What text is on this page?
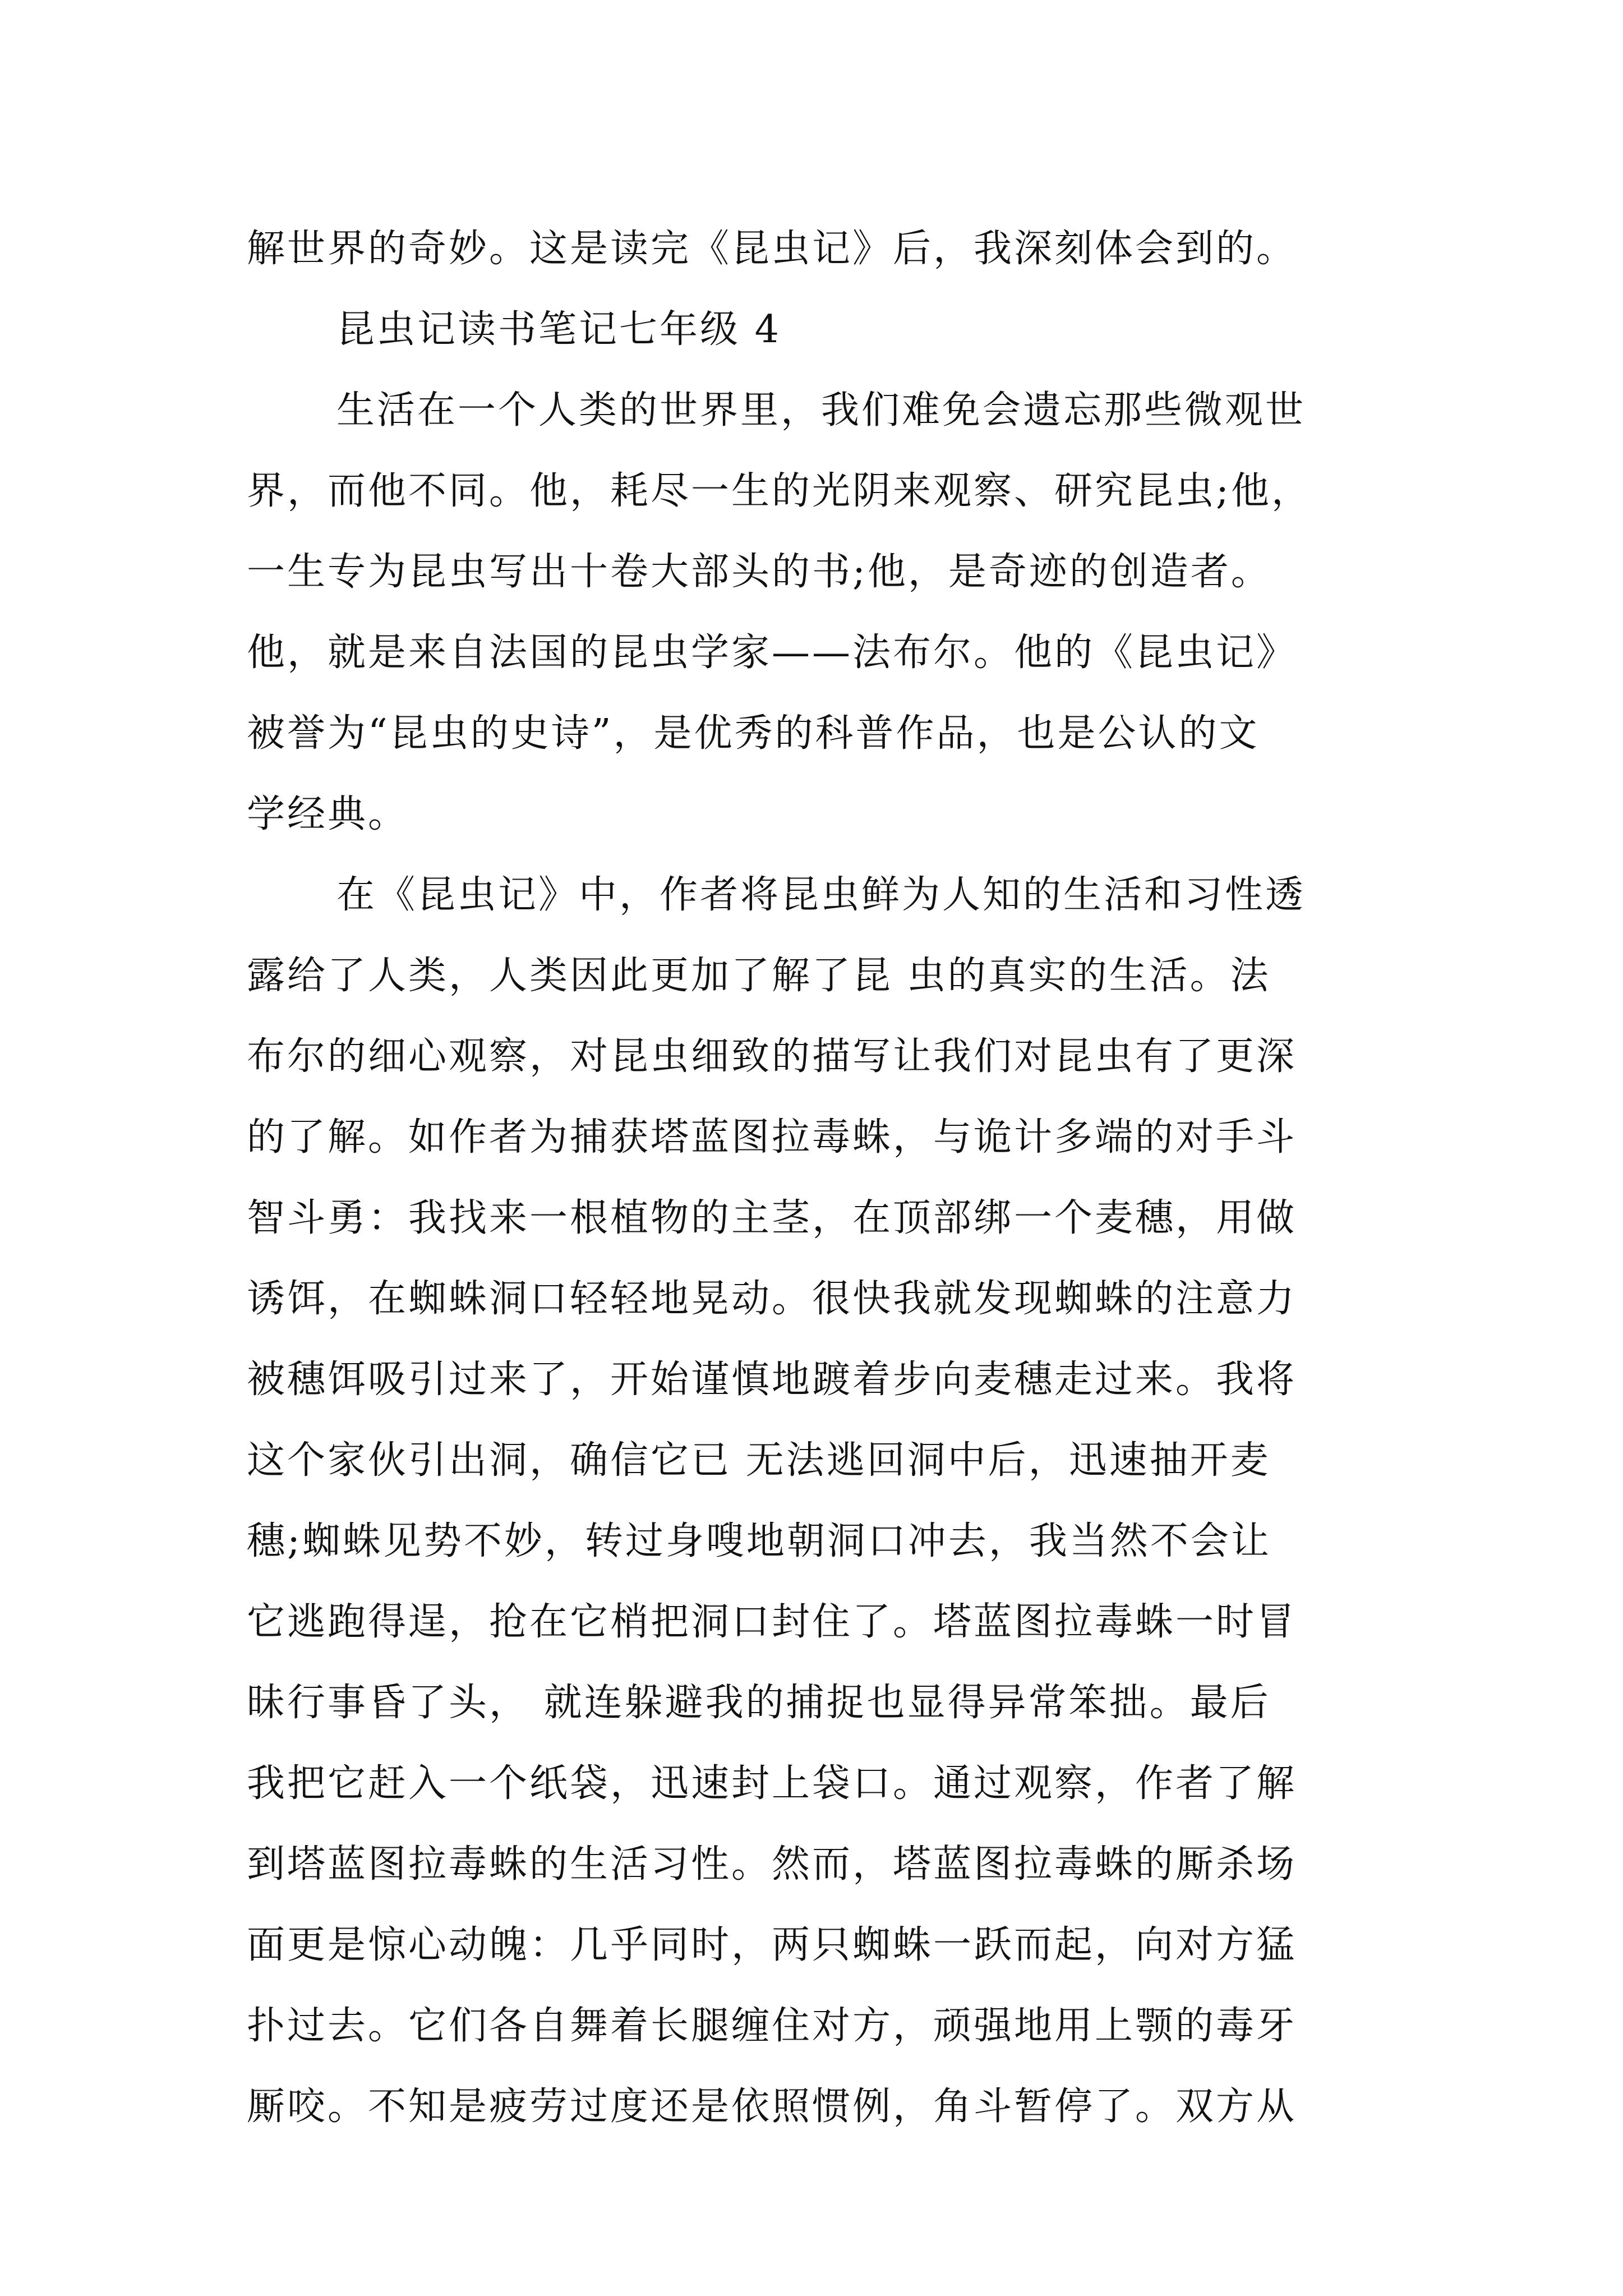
解世界的奇妙。这是读完《昆虫记》后，我深刻体会到的。
昆虫记读书笔记七年级 4
生活在一个人类的世界里，我们难免会遗忘那些微观世
界，而他不同。他，耗尽一生的光阴来观察、研究昆虫;他，
一生专为昆虫写出十卷大部头的书;他，是奇迹的创造者。
他，就是来自法国的昆虫学家——法布尔。他的《昆虫记》
被誉为“昆虫的史诗”，是优秀的科普作品，也是公认的文
学经典。
在《昆虫记》中，作者将昆虫鲜为人知的生活和习性透
露给了人类，人类因此更加了解了昆 虫的真实的生活。法
布尔的细心观察，对昆虫细致的描写让我们对昆虫有了更深
的了解。如作者为捕获塔蓝图拉毒蛛，与诡计多端的对手斗
智斗勇：我找来一根植物的主茎，在顶部绑一个麦穗，用做
诱饵，在蜘蛛洞口轻轻地晃动。很快我就发现蜘蛛的注意力
被穗饵吸引过来了，开始谨慎地踱着步向麦穗走过来。我将
这个家伙引出洞，确信它已 无法逃回洞中后，迅速抽开麦
穗;蜘蛛见势不妙，转过身嗖地朝洞口冲去，我当然不会让
它逃跑得逞，抢在它梢把洞口封住了。塔蓝图拉毒蛛一时冒
昧行事昏了头， 就连躲避我的捕捉也显得异常笨拙。最后
我把它赶入一个纸袋，迅速封上袋口。通过观察，作者了解
到塔蓝图拉毒蛛的生活习性。然而，塔蓝图拉毒蛛的厮杀场
面更是惊心动魄：几乎同时，两只蜘蛛一跃而起，向对方猛
扑过去。它们各自舞着长腿缠住对方，顽强地用上颚的毒牙
厮咬。不知是疲劳过度还是依照惯例，角斗暂停了。双方从
